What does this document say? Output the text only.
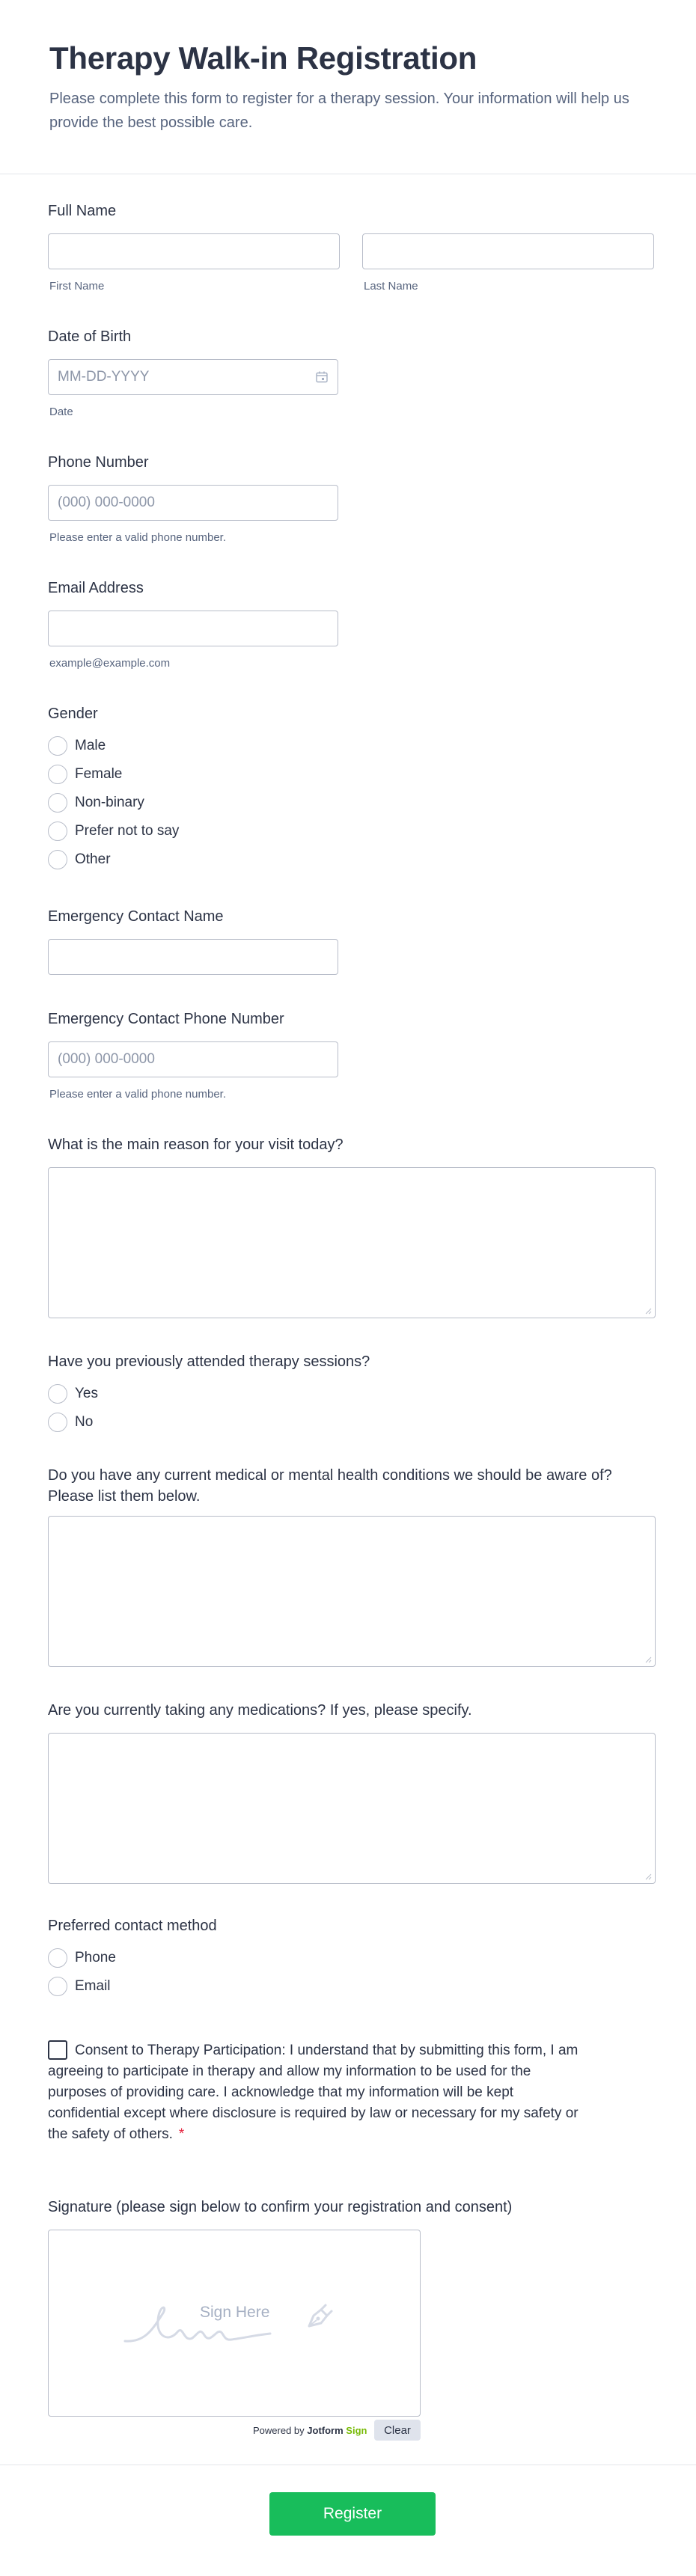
Therapy Walk-in Registration

Please complete this form to register for a therapy session. Your information will help us provide the best possible care.

Full Name
First Name	Last Name
Date of Birth
MM-DD-YYYY
Date
Phone Number
(000) 000-0000
Please enter a valid phone number.
Email Address
example@example.com
Gender
Male
Female
Non-binary
Prefer not to say
Other
Emergency Contact Name
Emergency Contact Phone Number
(000) 000-0000
Please enter a valid phone number.
What is the main reason for your visit today?
Have you previously attended therapy sessions?
Yes
No
Do you have any current medical or mental health conditions we should be aware of? Please list them below.
Are you currently taking any medications? If yes, please specify.
Preferred contact method
Phone
Email
Consent to Therapy Participation: I understand that by submitting this form, I am agreeing to participate in therapy and allow my information to be used for the purposes of providing care. I acknowledge that my information will be kept confidential except where disclosure is required by law or necessary for my safety or the safety of others. *
Signature (please sign below to confirm your registration and consent)
Sign Here
Powered by Jotform Sign	Clear
Register
